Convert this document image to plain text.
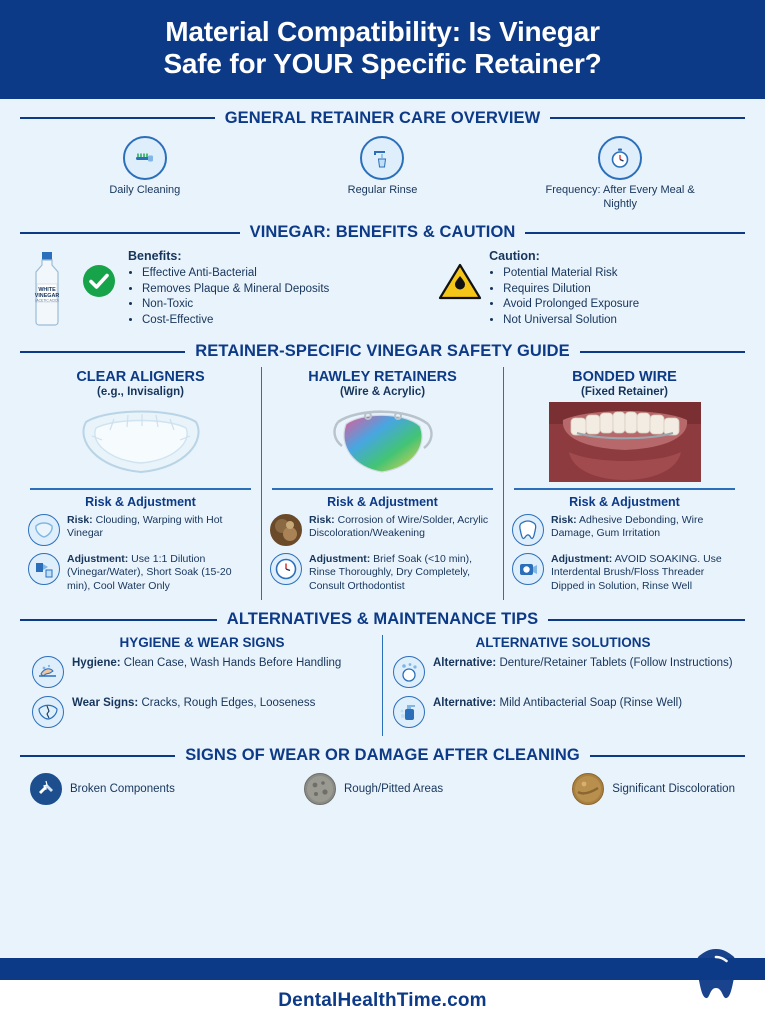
Material Compatibility: Is Vinegar
Safe for YOUR Specific Retainer?
GENERAL RETAINER CARE OVERVIEW
Daily Cleaning	Regular Rinse	Frequency: After Every Meal & Nightly
VINEGAR: BENEFITS & CAUTION
WHITE
VINEGAR
(ACETIC ACID)
Benefits:
• Effective Anti-Bacterial
• Removes Plaque & Mineral Deposits
• Non-Toxic
• Cost-Effective
Caution:
• Potential Material Risk
• Requires Dilution
• Avoid Prolonged Exposure
• Not Universal Solution
RETAINER-SPECIFIC VINEGAR SAFETY GUIDE
CLEAR ALIGNERS
(e.g., Invisalign)
Risk & Adjustment
Risk: Clouding, Warping with Hot Vinegar
Adjustment: Use 1:1 Dilution (Vinegar/Water), Short Soak (15-20 min), Cool Water Only
HAWLEY RETAINERS
(Wire & Acrylic)
Risk & Adjustment
Risk: Corrosion of Wire/Solder, Acrylic Discoloration/Weakening
Adjustment: Brief Soak (<10 min), Rinse Thoroughly, Dry Completely, Consult Orthodontist
BONDED WIRE
(Fixed Retainer)
Risk & Adjustment
Risk: Adhesive Debonding, Wire Damage, Gum Irritation
Adjustment: AVOID SOAKING. Use Interdental Brush/Floss Threader Dipped in Solution, Rinse Well
ALTERNATIVES & MAINTENANCE TIPS
HYGIENE & WEAR SIGNS
Hygiene: Clean Case, Wash Hands Before Handling
Wear Signs: Cracks, Rough Edges, Looseness
ALTERNATIVE SOLUTIONS
Alternative: Denture/Retainer Tablets (Follow Instructions)
Alternative: Mild Antibacterial Soap (Rinse Well)
SIGNS OF WEAR OR DAMAGE AFTER CLEANING
Broken Components	Rough/Pitted Areas	Significant Discoloration
DentalHealthTime.com
